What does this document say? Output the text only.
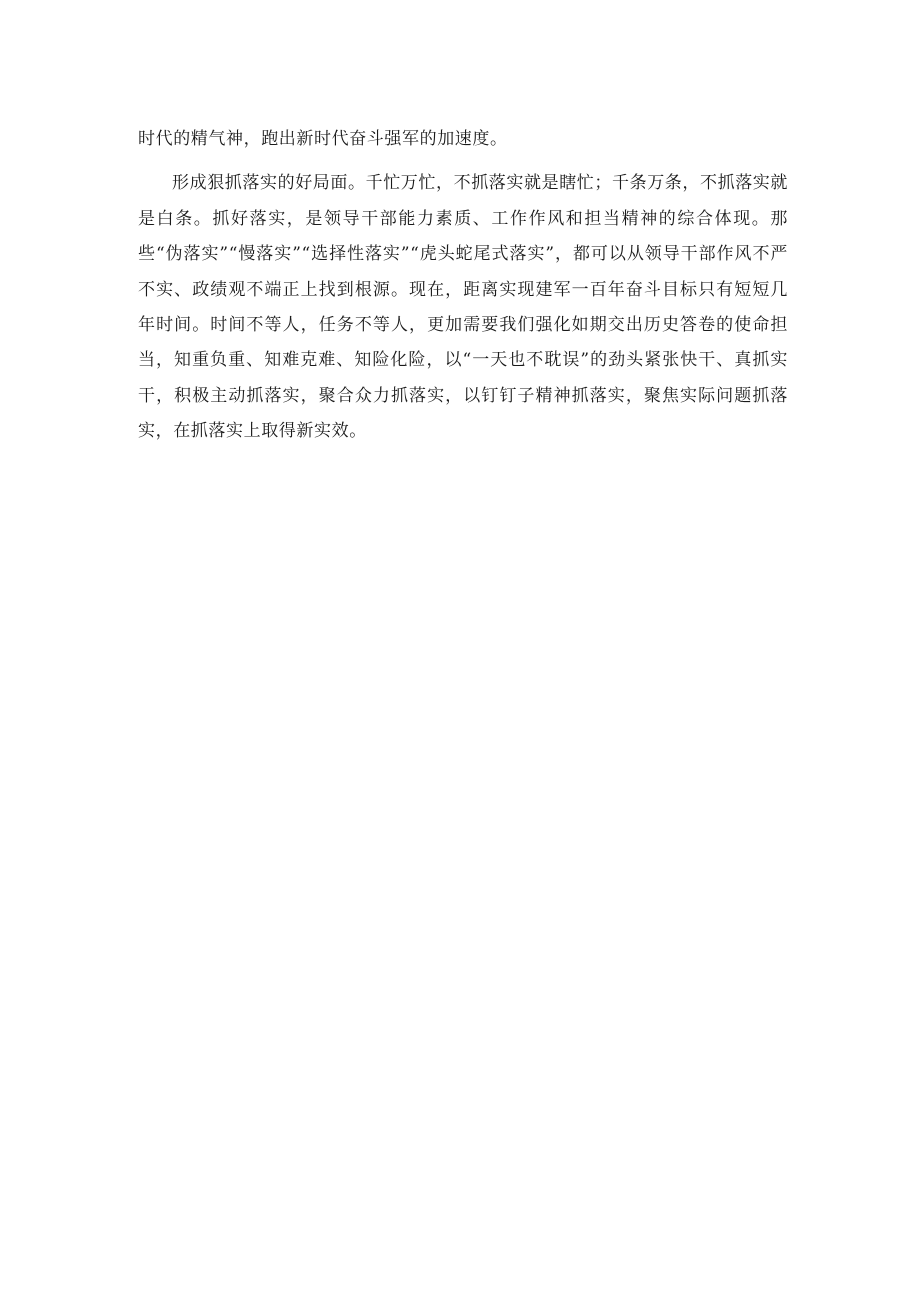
时代的精气神，跑出新时代奋斗强军的加速度。

形成狠抓落实的好局面。千忙万忙，不抓落实就是瞎忙；千条万条，不抓落实就是白条。抓好落实，是领导干部能力素质、工作作风和担当精神的综合体现。那些“伪落实”“慢落实”“选择性落实”“虎头蛇尾式落实”，都可以从领导干部作风不严不实、政绩观不端正上找到根源。现在，距离实现建军一百年奋斗目标只有短短几年时间。时间不等人，任务不等人，更加需要我们强化如期交出历史答卷的使命担当，知重负重、知难克难、知险化险，以“一天也不耽误”的劲头紧张快干、真抓实干，积极主动抓落实，聚合众力抓落实，以钉钉子精神抓落实，聚焦实际问题抓落实，在抓落实上取得新实效。
